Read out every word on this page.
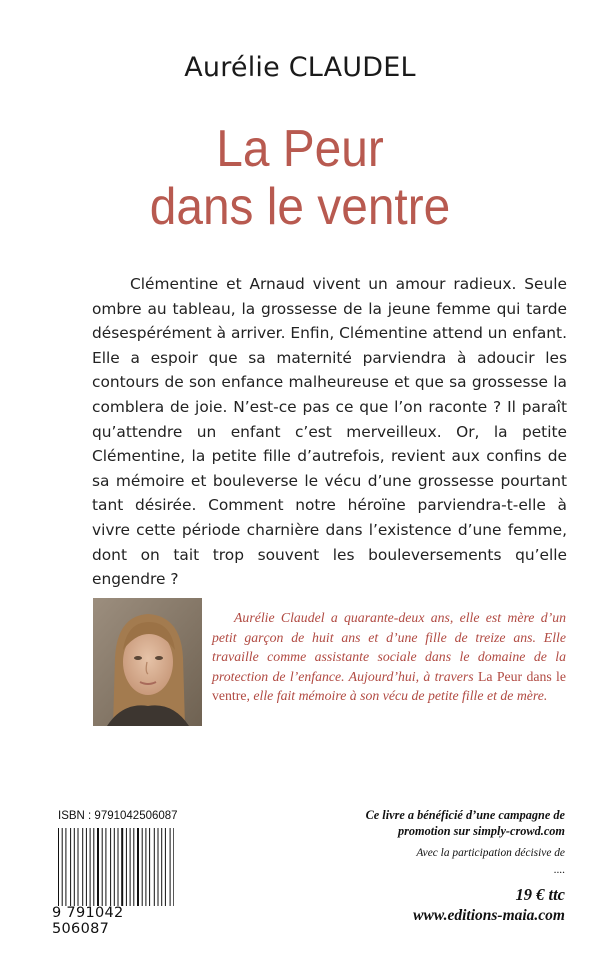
Aurélie CLAUDEL
La Peur
dans le ventre

Clémentine et Arnaud vivent un amour radieux. Seule ombre au tableau, la grossesse de la jeune femme qui tarde désespérément à arriver. Enfin, Clémentine attend un enfant. Elle a espoir que sa maternité parviendra à adoucir les contours de son enfance malheureuse et que sa grossesse la comblera de joie. N’est-ce pas ce que l’on raconte ? Il paraît qu’attendre un enfant c’est merveilleux. Or, la petite Clémentine, la petite fille d’autrefois, revient aux confins de sa mémoire et bouleverse le vécu d’une grossesse pourtant tant désirée. Comment notre héroïne parviendra-t-elle à vivre cette période charnière dans l’existence d’une femme, dont on tait trop souvent les bouleversements qu’elle engendre ?

Aurélie Claudel a quarante-deux ans, elle est mère d’un petit garçon de huit ans et d’une fille de treize ans. Elle travaille comme assistante sociale dans le domaine de la protection de l’enfance. Aujourd’hui, à travers La Peur dans le ventre, elle fait mémoire à son vécu de petite fille et de mère.

ISBN : 9791042506087
9 791042 506087
Ce livre a bénéficié d’une campagne de promotion sur simply-crowd.com
Avec la participation décisive de
....
19 € ttc
www.editions-maia.com
